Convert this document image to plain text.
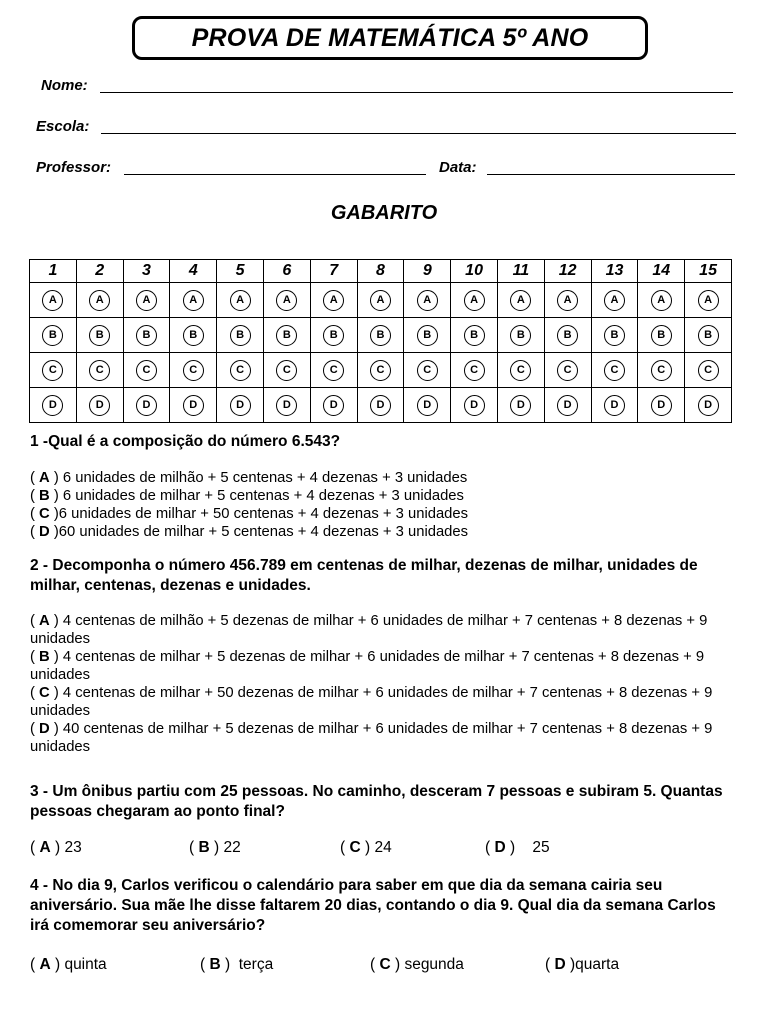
PROVA DE MATEMÁTICA 5º ANO
Nome:
Escola:
Professor:	Data:
GABARITO
1	2	3	4	5	6	7	8	9	10	11	12	13	14	15
A	A	A	A	A	A	A	A	A	A	A	A	A	A	A
B	B	B	B	B	B	B	B	B	B	B	B	B	B	B
C	C	C	C	C	C	C	C	C	C	C	C	C	C	C
D	D	D	D	D	D	D	D	D	D	D	D	D	D	D
1 -Qual é a composição do número 6.543?
( A ) 6 unidades de milhão + 5 centenas + 4 dezenas + 3 unidades
( B ) 6 unidades de milhar + 5 centenas + 4 dezenas + 3 unidades
( C )6 unidades de milhar + 50 centenas + 4 dezenas + 3 unidades
( D )60 unidades de milhar + 5 centenas + 4 dezenas + 3 unidades
2 - Decomponha o número 456.789 em centenas de milhar, dezenas de milhar, unidades de milhar, centenas, dezenas e unidades.
( A ) 4 centenas de milhão + 5 dezenas de milhar + 6 unidades de milhar + 7 centenas + 8 dezenas + 9 unidades
( B ) 4 centenas de milhar + 5 dezenas de milhar + 6 unidades de milhar + 7 centenas + 8 dezenas + 9 unidades
( C ) 4 centenas de milhar + 50 dezenas de milhar + 6 unidades de milhar + 7 centenas + 8 dezenas + 9 unidades
( D ) 40 centenas de milhar + 5 dezenas de milhar + 6 unidades de milhar + 7 centenas + 8 dezenas + 9 unidades
3 - Um ônibus partiu com 25 pessoas. No caminho, desceram 7 pessoas e subiram 5. Quantas pessoas chegaram ao ponto final?
( A ) 23	( B ) 22	( C ) 24	( D )    25
4 - No dia 9, Carlos verificou o calendário para saber em que dia da semana cairia seu aniversário. Sua mãe lhe disse faltarem 20 dias, contando o dia 9. Qual dia da semana Carlos irá comemorar seu aniversário?
( A ) quinta	( B )  terça	( C ) segunda	( D )quarta
